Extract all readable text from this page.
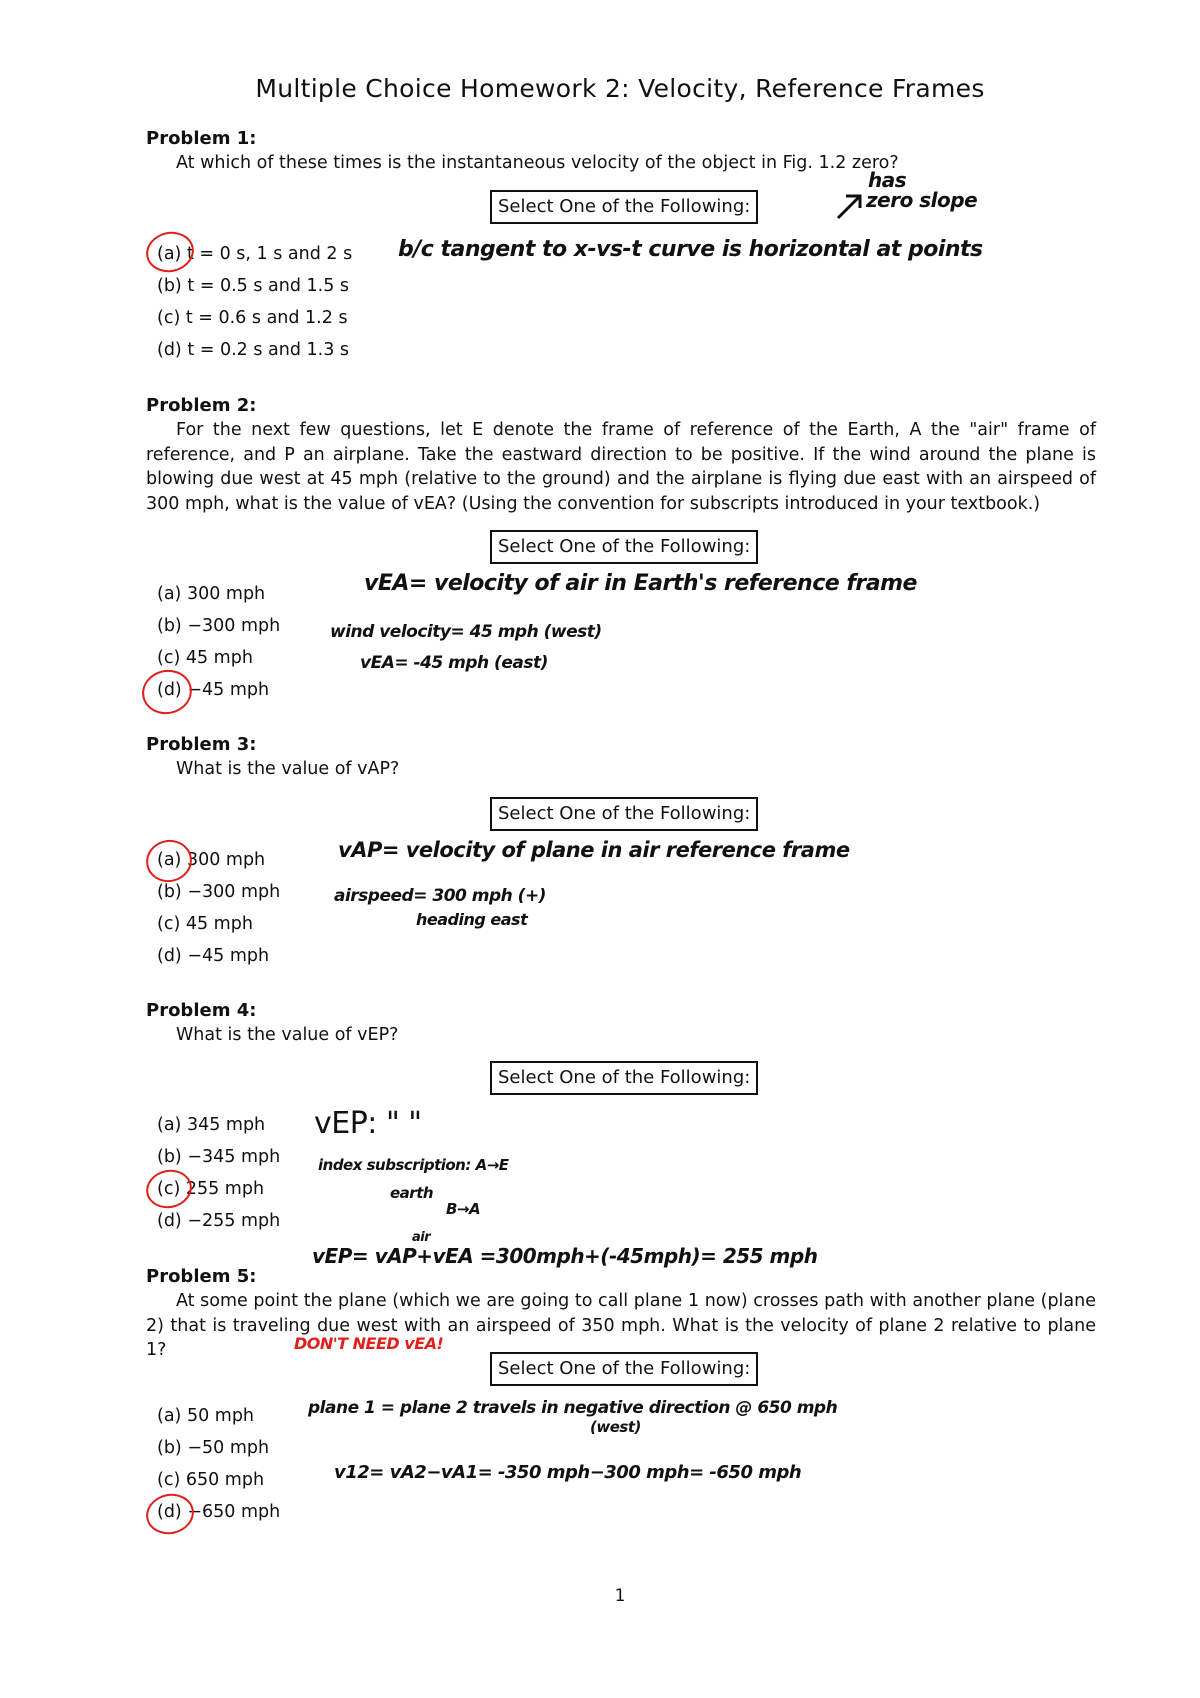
Multiple Choice Homework 2: Velocity, Reference Frames
Problem 1:

At which of these times is the instantaneous velocity of the object in Fig. 1.2 zero?

Select One of the Following:
(a) t = 0 s, 1 s and 2 s
(b) t = 0.5 s and 1.5 s
(c) t = 0.6 s and 1.2 s
(d) t = 0.2 s and 1.3 s
b/c tangent to x-vs-t curve is horizontal at points
has
zero slope
Problem 2:

For the next few questions, let E denote the frame of reference of the Earth, A the "air" frame of reference, and P an airplane. Take the eastward direction to be positive. If the wind around the plane is blowing due west at 45 mph (relative to the ground) and the airplane is flying due east with an airspeed of 300 mph, what is the value of vEA? (Using the convention for subscripts introduced in your textbook.)

Select One of the Following:
(a) 300 mph
(b) −300 mph
(c) 45 mph
(d) −45 mph
vEA= velocity of air in Earth's reference frame
wind velocity= 45 mph (west)
vEA= -45 mph (east)
Problem 3:

What is the value of vAP?

Select One of the Following:
(a) 300 mph
(b) −300 mph
(c) 45 mph
(d) −45 mph
vAP= velocity of plane in air reference frame
airspeed= 300 mph (+)
heading east
Problem 4:

What is the value of vEP?

Select One of the Following:
(a) 345 mph
(b) −345 mph
(c) 255 mph
(d) −255 mph
vEP: " "
index subscription: A→E
earth
B→A
air
vEP= vAP+vEA =300mph+(-45mph)= 255 mph
Problem 5:

At some point the plane (which we are going to call plane 1 now) crosses path with another plane (plane 2) that is traveling due west with an airspeed of 350 mph. What is the velocity of plane 2 relative to plane 1?	DON'T NEED vEA!
Select One of the Following:
(a) 50 mph
(b) −50 mph
(c) 650 mph
(d) −650 mph
plane 1 = plane 2 travels in negative direction @ 650 mph
(west)
v12= vA2−vA1= -350 mph−300 mph= -650 mph
1
